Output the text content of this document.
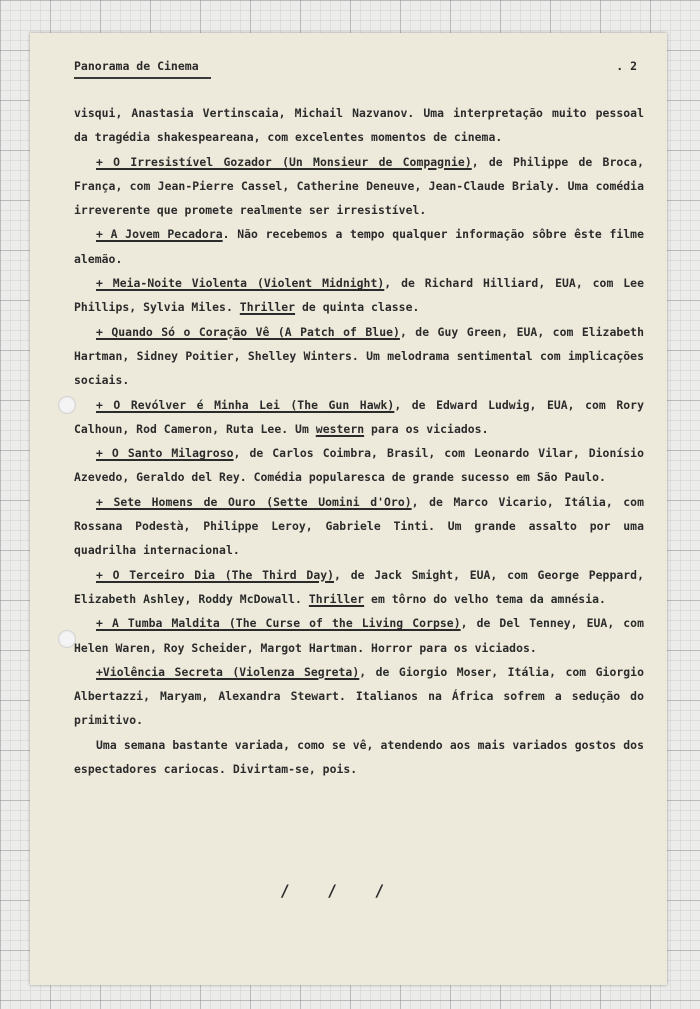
Panorama de Cinema	. 2

visqui, Anastasia Vertinscaia, Michail Nazvanov. Uma interpretação muito pessoal da tragédia shakespeareana, com excelentes momentos de cinema.

+ O Irresistível Gozador (Un Monsieur de Compagnie), de Philippe de Broca, França, com Jean-Pierre Cassel, Catherine Deneuve, Jean-Claude Brialy. Uma comédia irreverente que promete realmente ser irresistível.

+ A Jovem Pecadora. Não recebemos a tempo qualquer informação sôbre êste filme alemão.

+ Meia-Noite Violenta (Violent Midnight), de Richard Hilliard, EUA, com Lee Phillips, Sylvia Miles. Thriller de quinta classe.

+ Quando Só o Coração Vê (A Patch of Blue), de Guy Green, EUA, com Elizabeth Hartman, Sidney Poitier, Shelley Winters. Um melodrama sentimental com implicações sociais.

+ O Revólver é Minha Lei (The Gun Hawk), de Edward Ludwig, EUA, com Rory Calhoun, Rod Cameron, Ruta Lee. Um western para os viciados.

+ O Santo Milagroso, de Carlos Coimbra, Brasil, com Leonardo Vilar, Dionísio Azevedo, Geraldo del Rey. Comédia popularesca de grande sucesso em São Paulo.

+ Sete Homens de Ouro (Sette Uomini d'Oro), de Marco Vicario, Itália, com Rossana Podestà, Philippe Leroy, Gabriele Tinti. Um grande assalto por uma quadrilha internacional.

+ O Terceiro Dia (The Third Day), de Jack Smight, EUA, com George Peppard, Elizabeth Ashley, Roddy McDowall. Thriller em tôrno do velho tema da amnésia.

+ A Tumba Maldita (The Curse of the Living Corpse), de Del Tenney, EUA, com Helen Waren, Roy Scheider, Margot Hartman. Horror para os viciados.

+Violência Secreta (Violenza Segreta), de Giorgio Moser, Itália, com Giorgio Albertazzi, Maryam, Alexandra Stewart. Italianos na África sofrem a sedução do primitivo.

Uma semana bastante variada, como se vê, atendendo aos mais variados gostos dos espectadores cariocas. Divirtam-se, pois.

/ / /
